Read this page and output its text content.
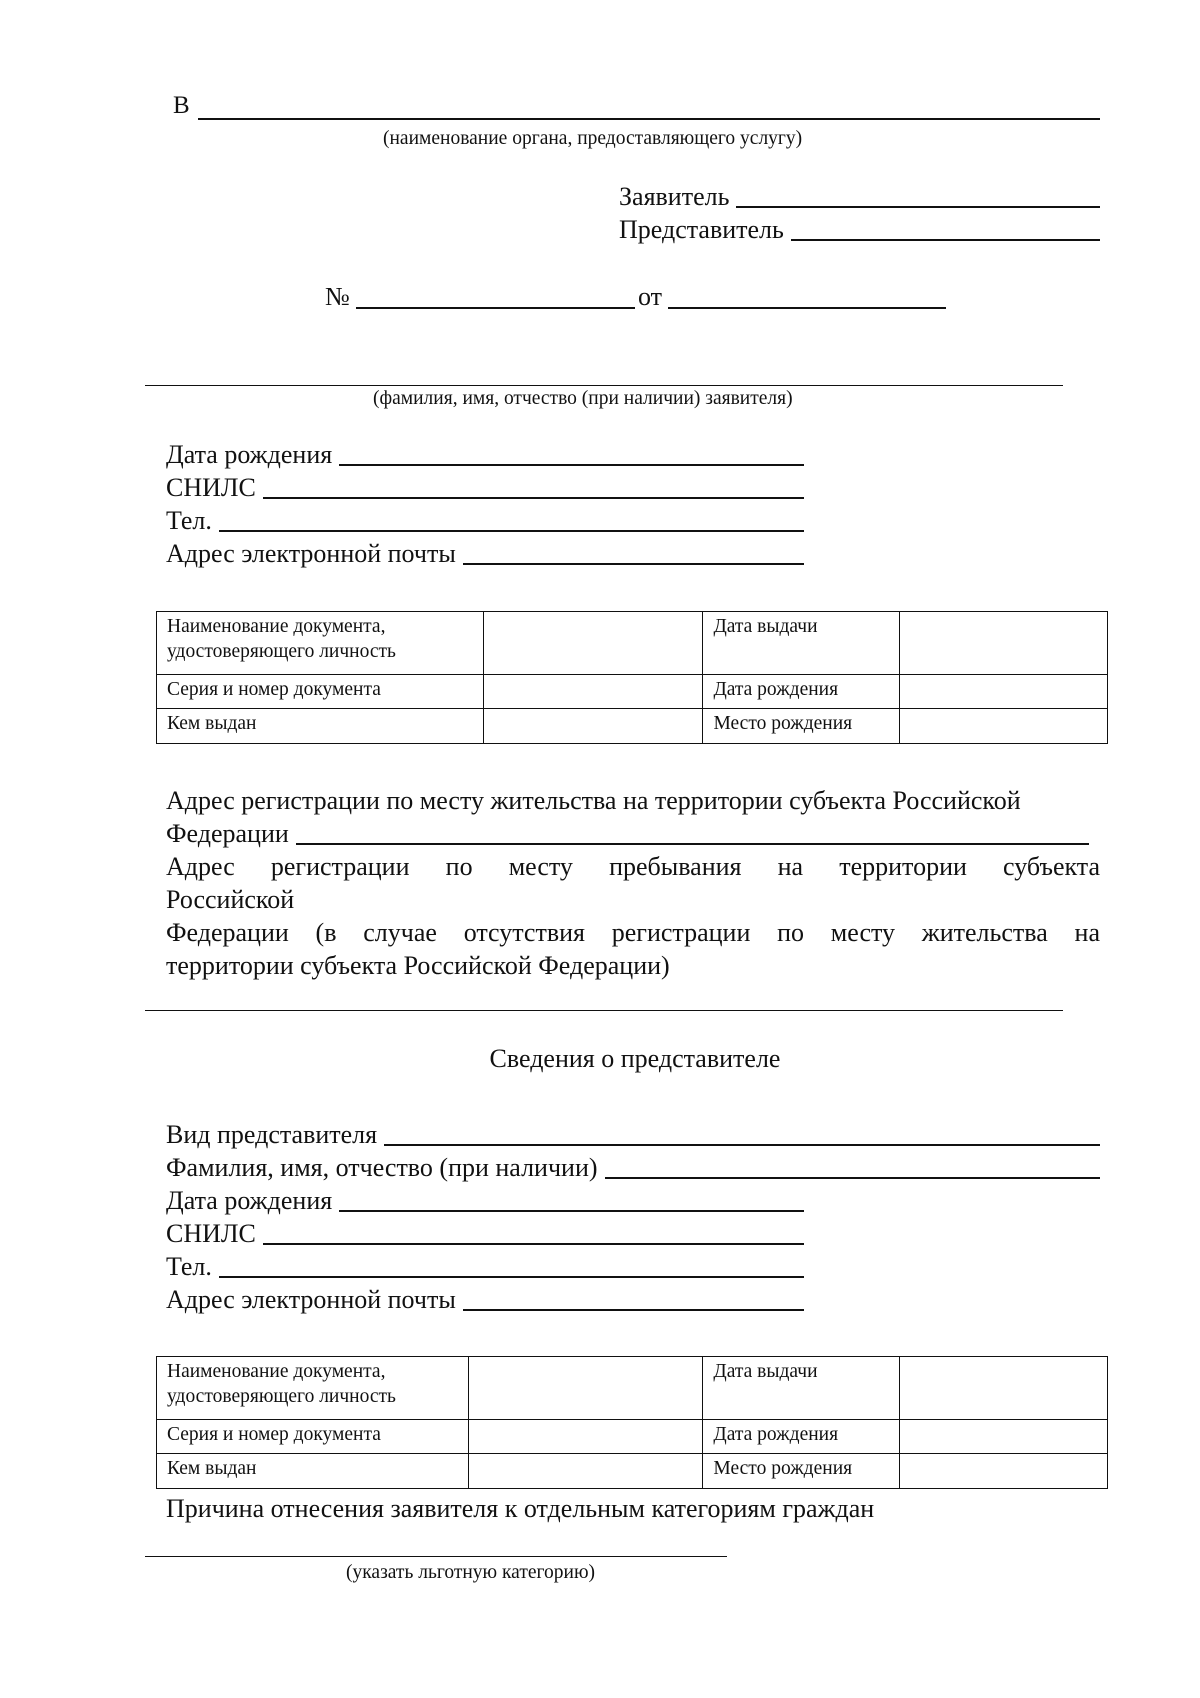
В
(наименование органа, предоставляющего услугу)
Заявитель
Представитель
№	от
(фамилия, имя, отчество (при наличии) заявителя)
Дата рождения
СНИЛС
Тел.
Адрес электронной почты
Наименование документа, удостоверяющего личность		Дата выдачи	
Серия и номер документа		Дата рождения	
Кем выдан		Место рождения	
Адрес регистрации по месту жительства на территории субъекта Российской
Федерации
Адрес регистрации по месту пребывания на территории субъекта
Российской
Федерации (в случае отсутствия регистрации по месту жительства на
территории субъекта Российской Федерации)
Сведения о представителе
Вид представителя
Фамилия, имя, отчество (при наличии)
Дата рождения
СНИЛС
Тел.
Адрес электронной почты
Наименование документа, удостоверяющего личность		Дата выдачи	
Серия и номер документа		Дата рождения	
Кем выдан		Место рождения	
Причина отнесения заявителя к отдельным категориям граждан
(указать льготную категорию)
